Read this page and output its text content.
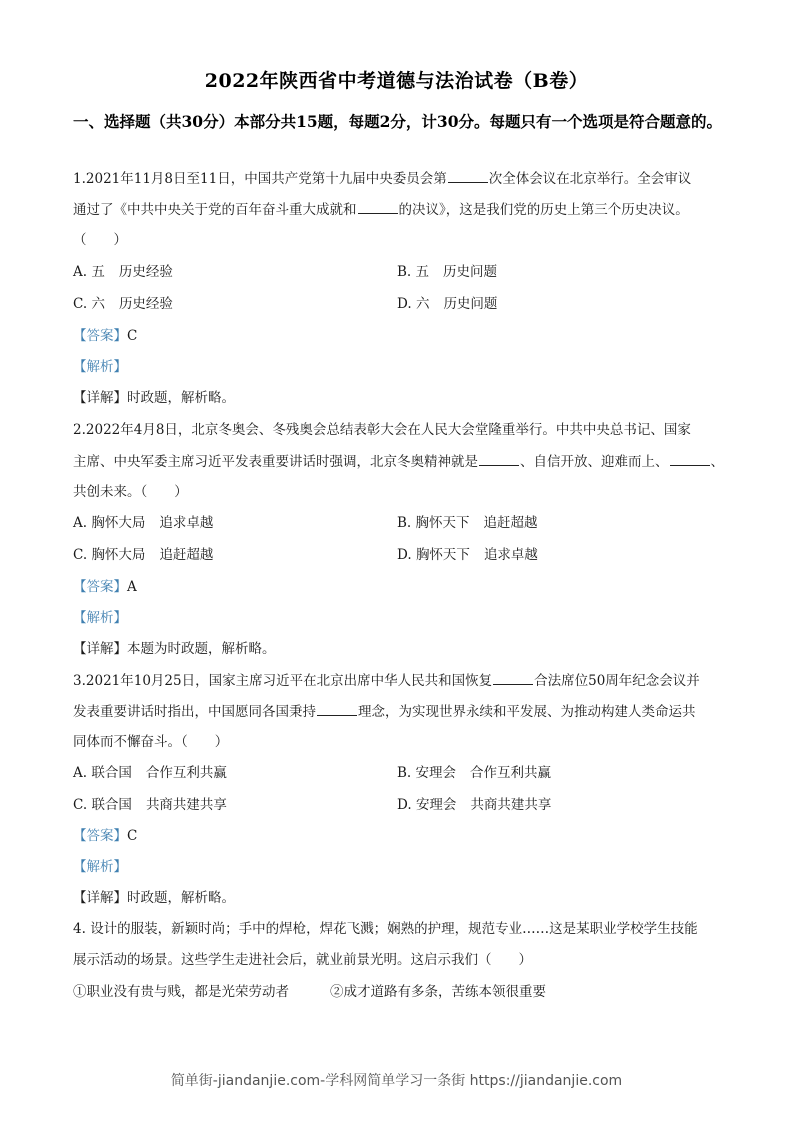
2022年陕西省中考道德与法治试卷（B卷）
一、选择题（共30分）本部分共15题，每题2分，计30分。每题只有一个选项是符合题意的。
1.2021年11月8日至11日，中国共产党第十九届中央委员会第	次全体会议在北京举行。全会审议
通过了《中共中央关于党的百年奋斗重大成就和	的决议》，这是我们党的历史上第三个历史决议。
（　　）
A. 五 历史经验	B. 五 历史问题
C. 六 历史经验	D. 六 历史问题
【答案】C
【解析】
【详解】时政题，解析略。
2.2022年4月8日，北京冬奥会、冬残奥会总结表彰大会在人民大会堂隆重举行。中共中央总书记、国家
主席、中央军委主席习近平发表重要讲话时强调，北京冬奥精神就是	、自信开放、迎难而上、	、
共创未来。（　　）
A. 胸怀大局 追求卓越	B. 胸怀天下 追赶超越
C. 胸怀大局 追赶超越	D. 胸怀天下 追求卓越
【答案】A
【解析】
【详解】本题为时政题，解析略。
3.2021年10月25日，国家主席习近平在北京出席中华人民共和国恢复	合法席位50周年纪念会议并
发表重要讲话时指出，中国愿同各国秉持	理念，为实现世界永续和平发展、为推动构建人类命运共
同体而不懈奋斗。（　　）
A. 联合国 合作互利共赢	B. 安理会 合作互利共赢
C. 联合国 共商共建共享	D. 安理会 共商共建共享
【答案】C
【解析】
【详解】时政题，解析略。
4. 设计的服装，新颖时尚；手中的焊枪，焊花飞溅；娴熟的护理，规范专业……这是某职业学校学生技能
展示活动的场景。这些学生走进社会后，就业前景光明。这启示我们（　　）
①职业没有贵与贱，都是光荣劳动者	②成才道路有多条，苦练本领很重要
简单街-jiandanjie.com-学科网简单学习一条街 https://jiandanjie.com
